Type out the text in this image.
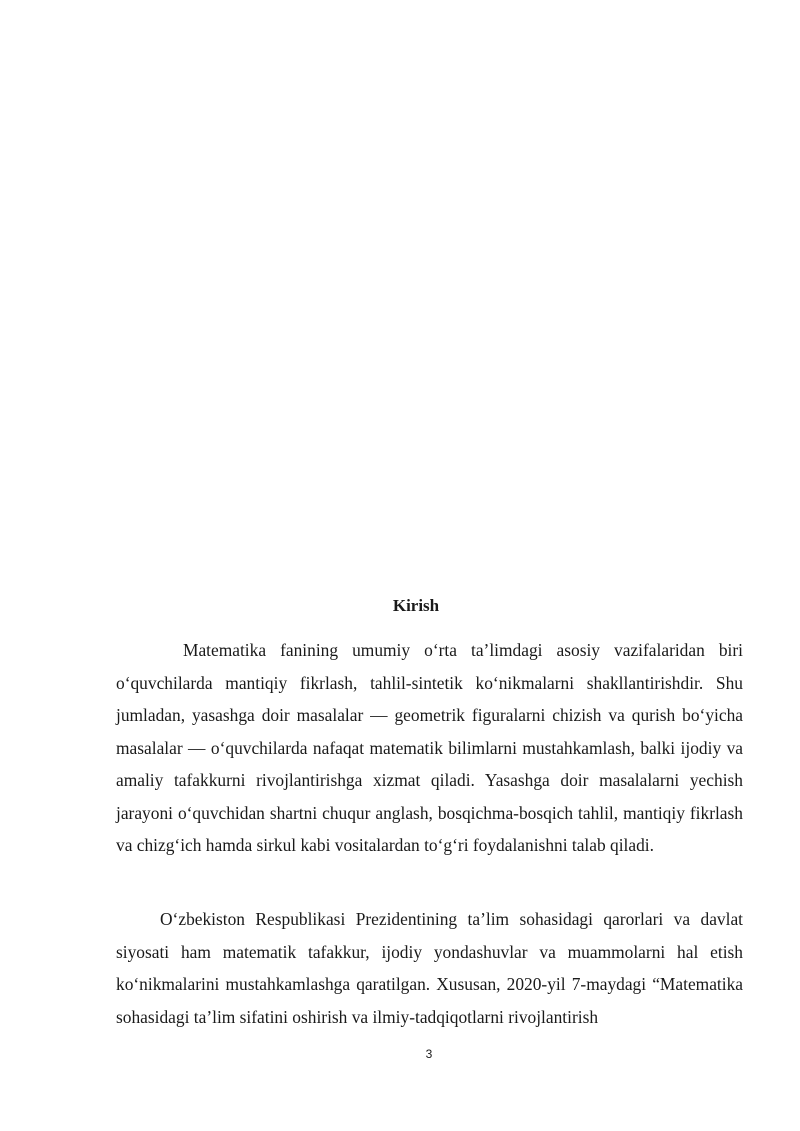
Kirish

Matematika fanining umumiy o‘rta ta’limdagi asosiy vazifalaridan biri o‘quvchilarda mantiqiy fikrlash, tahlil-sintetik ko‘nikmalarni shakllantirishdir. Shu jumladan, yasashga doir masalalar — geometrik figuralarni chizish va qurish bo‘yicha masalalar — o‘quvchilarda nafaqat matematik bilimlarni mustahkamlash, balki ijodiy va amaliy tafakkurni rivojlantirishga xizmat qiladi. Yasashga doir masalalarni yechish jarayoni o‘quvchidan shartni chuqur anglash, bosqichma-bosqich tahlil, mantiqiy fikrlash va chizg‘ich hamda sirkul kabi vositalardan to‘g‘ri foydalanishni talab qiladi.

O‘zbekiston Respublikasi Prezidentining ta’lim sohasidagi qarorlari va davlat siyosati ham matematik tafakkur, ijodiy yondashuvlar va muammolarni hal etish ko‘nikmalarini mustahkamlashga qaratilgan. Xususan, 2020-yil 7-maydagi “Matematika sohasidagi ta’lim sifatini oshirish va ilmiy-tadqiqotlarni rivojlantirish

3
